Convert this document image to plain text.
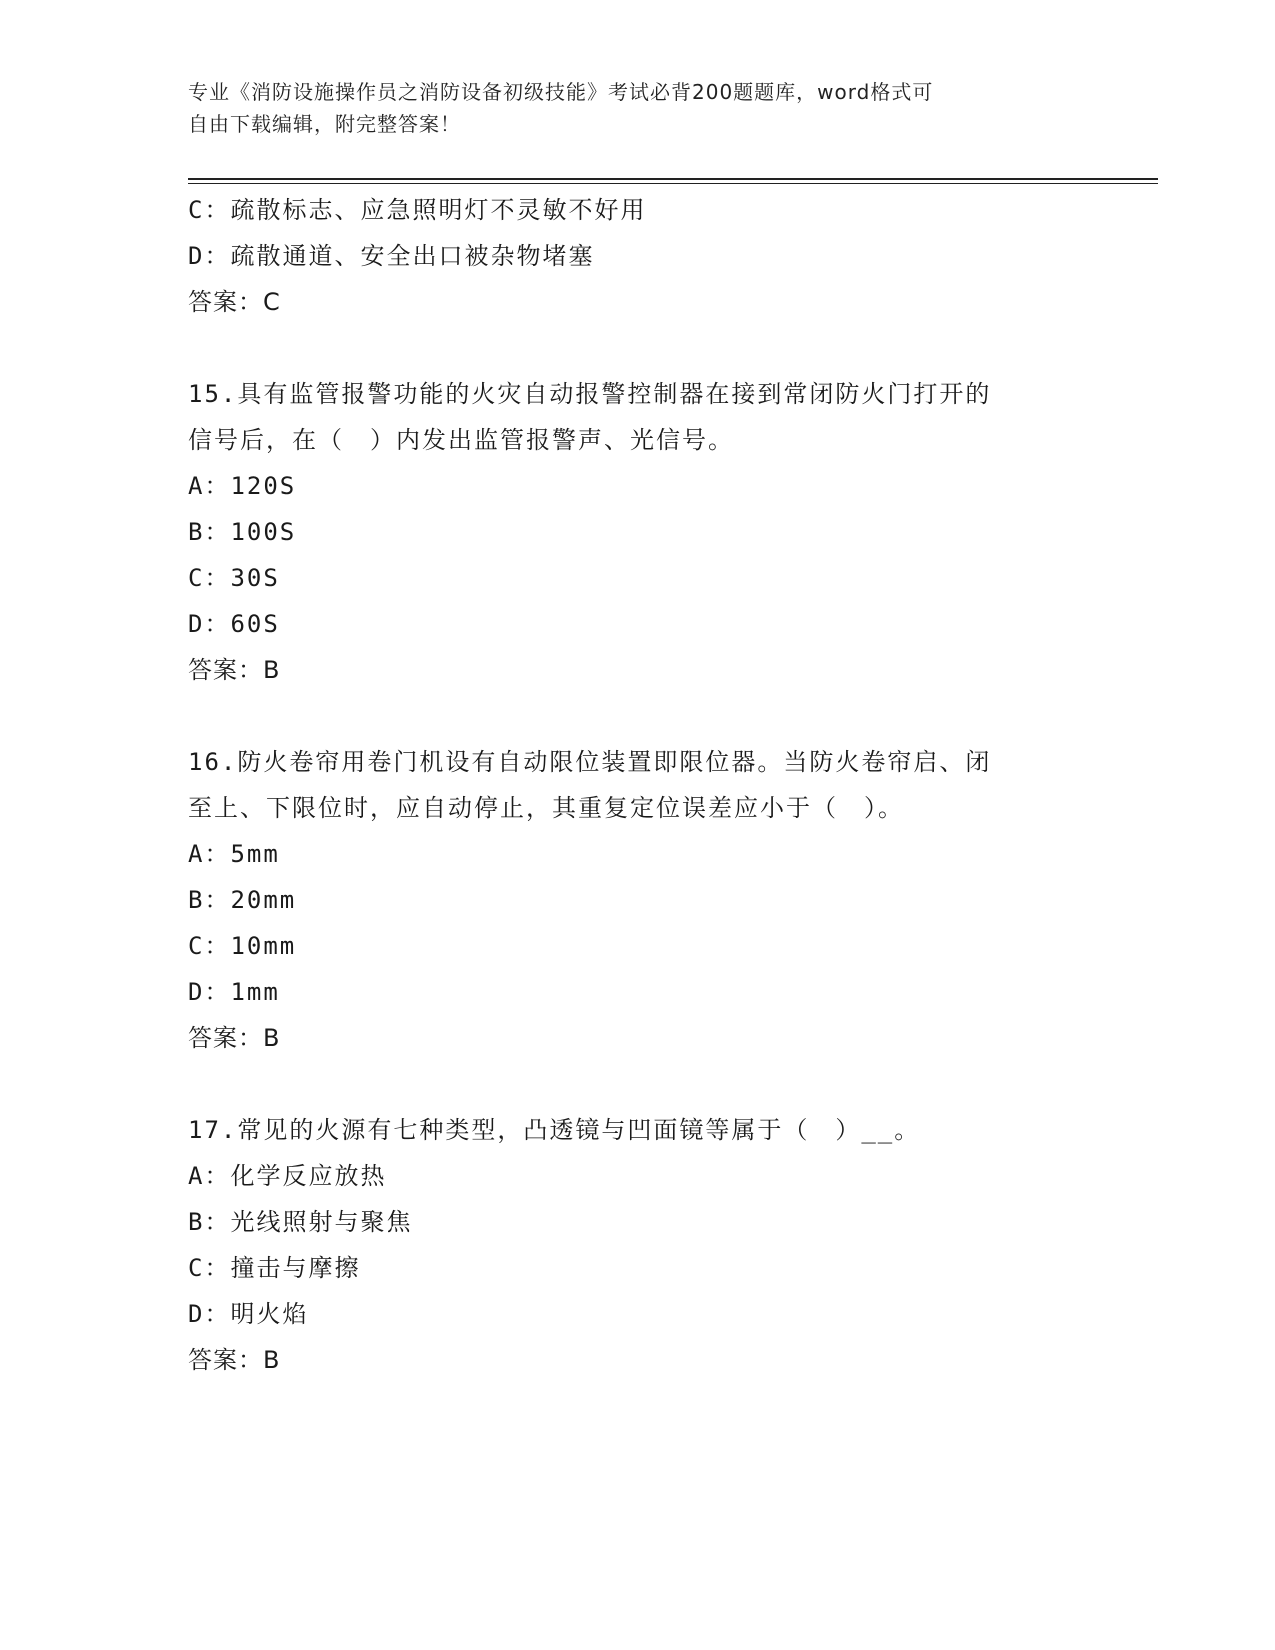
专业《消防设施操作员之消防设备初级技能》考试必背200题题库，word格式可
自由下载编辑，附完整答案！
C：疏散标志、应急照明灯不灵敏不好用
D：疏散通道、安全出口被杂物堵塞
答案：C
15.具有监管报警功能的火灾自动报警控制器在接到常闭防火门打开的
信号后，在（　）内发出监管报警声、光信号。
A：120S
B：100S
C：30S
D：60S
答案：B
16.防火卷帘用卷门机设有自动限位装置即限位器。当防火卷帘启、闭
至上、下限位时，应自动停止，其重复定位误差应小于（　）。
A：5mm
B：20mm
C：10mm
D：1mm
答案：B
17.常见的火源有七种类型，凸透镜与凹面镜等属于（　）__。
A：化学反应放热
B：光线照射与聚焦
C：撞击与摩擦
D：明火焰
答案：B
